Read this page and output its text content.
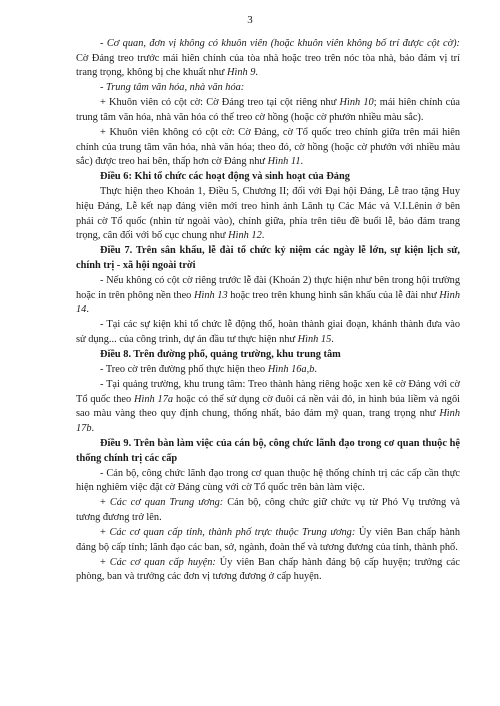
3

- Cơ quan, đơn vị không có khuôn viên (hoặc khuôn viên không bố trí được cột cờ): Cờ Đảng treo trước mái hiên chính của tòa nhà hoặc treo trên nóc tòa nhà, bảo đảm vị trí trang trọng, không bị che khuất như Hình 9.

- Trung tâm văn hóa, nhà văn hóa:

+ Khuôn viên có cột cờ: Cờ Đảng treo tại cột riêng như Hình 10; mái hiên chính của trung tâm văn hóa, nhà văn hóa có thể treo cờ hồng (hoặc cờ phướn nhiều màu sắc).

+ Khuôn viên không có cột cờ: Cờ Đảng, cờ Tổ quốc treo chính giữa trên mái hiên chính của trung tâm văn hóa, nhà văn hóa; theo đó, cờ hồng (hoặc cờ phướn với nhiều màu sắc) được treo hai bên, thấp hơn cờ Đảng như Hình 11.

Điều 6: Khi tổ chức các hoạt động và sinh hoạt của Đảng

Thực hiện theo Khoản 1, Điều 5, Chương II; đối với Đại hội Đảng, Lễ trao tặng Huy hiệu Đảng, Lễ kết nạp đảng viên mới treo hình ảnh Lãnh tụ Các Mác và V.I.Lênin ở bên phải cờ Tổ quốc (nhìn từ ngoài vào), chính giữa, phía trên tiêu đề buổi lễ, bảo đảm trang trọng, cân đối với bố cục chung như Hình 12.

Điều 7. Trên sân khấu, lễ đài tổ chức kỷ niệm các ngày lễ lớn, sự kiện lịch sử, chính trị - xã hội ngoài trời

- Nếu không có cột cờ riêng trước lễ đài (Khoản 2) thực hiện như bên trong hội trường hoặc in trên phông nền theo Hình 13 hoặc treo trên khung hình sân khấu của lễ đài như Hình 14.

- Tại các sự kiện khi tổ chức lễ động thổ, hoàn thành giai đoạn, khánh thành đưa vào sử dụng... của công trình, dự án đầu tư thực hiện như Hình 15.

Điều 8. Trên đường phố, quảng trường, khu trung tâm

- Treo cờ trên đường phố thực hiện theo Hình 16a,b.

- Tại quảng trường, khu trung tâm: Treo thành hàng riêng hoặc xen kẽ cờ Đảng với cờ Tổ quốc theo Hình 17a hoặc có thể sử dụng cờ đuôi cá nền vải đỏ, in hình búa liềm và ngôi sao màu vàng theo quy định chung, thống nhất, bảo đảm mỹ quan, trang trọng như Hình 17b.

Điều 9. Trên bàn làm việc của cán bộ, công chức lãnh đạo trong cơ quan thuộc hệ thống chính trị các cấp

- Cán bộ, công chức lãnh đạo trong cơ quan thuộc hệ thống chính trị các cấp cần thực hiện nghiêm việc đặt cờ Đảng cùng với cờ Tổ quốc trên bàn làm việc.

+ Các cơ quan Trung ương: Cán bộ, công chức giữ chức vụ từ Phó Vụ trưởng và tương đương trở lên.

+ Các cơ quan cấp tỉnh, thành phố trực thuộc Trung ương: Ủy viên Ban chấp hành đảng bộ cấp tỉnh; lãnh đạo các ban, sở, ngành, đoàn thể và tương đương của tỉnh, thành phố.

+ Các cơ quan cấp huyện: Ủy viên Ban chấp hành đảng bộ cấp huyện; trưởng các phòng, ban và trưởng các đơn vị tương đương ở cấp huyện.
